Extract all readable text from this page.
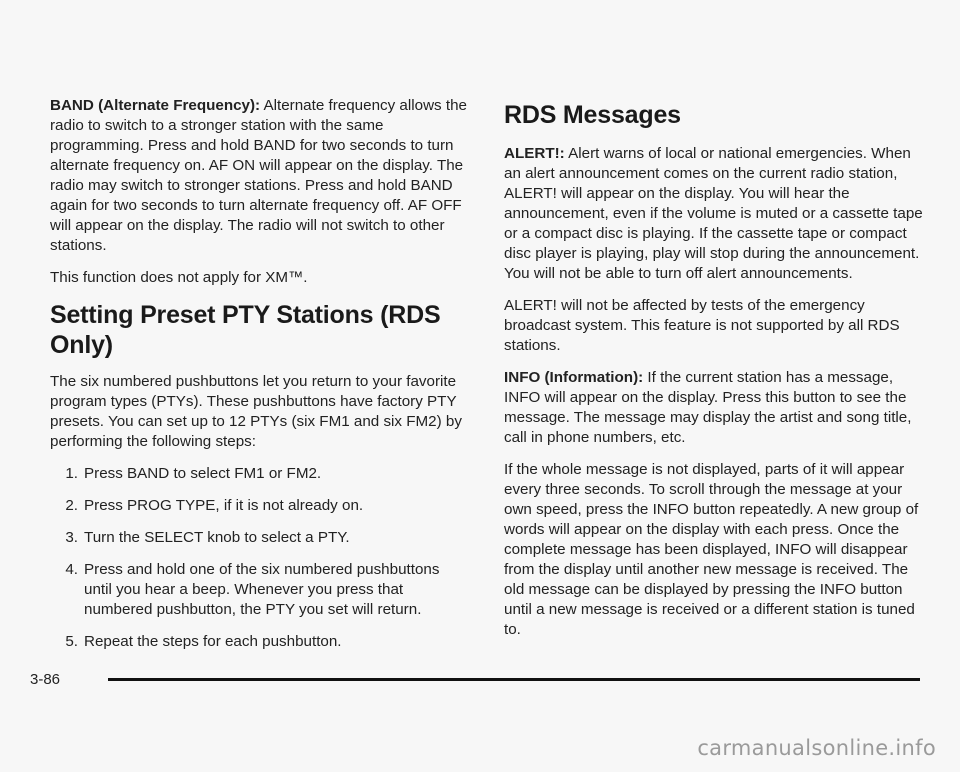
BAND (Alternate Frequency): Alternate frequency allows the radio to switch to a stronger station with the same programming. Press and hold BAND for two seconds to turn alternate frequency on. AF ON will appear on the display. The radio may switch to stronger stations. Press and hold BAND again for two seconds to turn alternate frequency off. AF OFF will appear on the display. The radio will not switch to other stations.

This function does not apply for XM™.

Setting Preset PTY Stations (RDS Only)

The six numbered pushbuttons let you return to your favorite program types (PTYs). These pushbuttons have factory PTY presets. You can set up to 12 PTYs (six FM1 and six FM2) by performing the following steps:

1. Press BAND to select FM1 or FM2.
2. Press PROG TYPE, if it is not already on.
3. Turn the SELECT knob to select a PTY.
4. Press and hold one of the six numbered pushbuttons until you hear a beep. Whenever you press that numbered pushbutton, the PTY you set will return.
5. Repeat the steps for each pushbutton.
RDS Messages

ALERT!: Alert warns of local or national emergencies. When an alert announcement comes on the current radio station, ALERT! will appear on the display. You will hear the announcement, even if the volume is muted or a cassette tape or a compact disc is playing. If the cassette tape or compact disc player is playing, play will stop during the announcement. You will not be able to turn off alert announcements.

ALERT! will not be affected by tests of the emergency broadcast system. This feature is not supported by all RDS stations.

INFO (Information): If the current station has a message, INFO will appear on the display. Press this button to see the message. The message may display the artist and song title, call in phone numbers, etc.

If the whole message is not displayed, parts of it will appear every three seconds. To scroll through the message at your own speed, press the INFO button repeatedly. A new group of words will appear on the display with each press. Once the complete message has been displayed, INFO will disappear from the display until another new message is received. The old message can be displayed by pressing the INFO button until a new message is received or a different station is tuned to.

3-86
carmanualsonline.info
